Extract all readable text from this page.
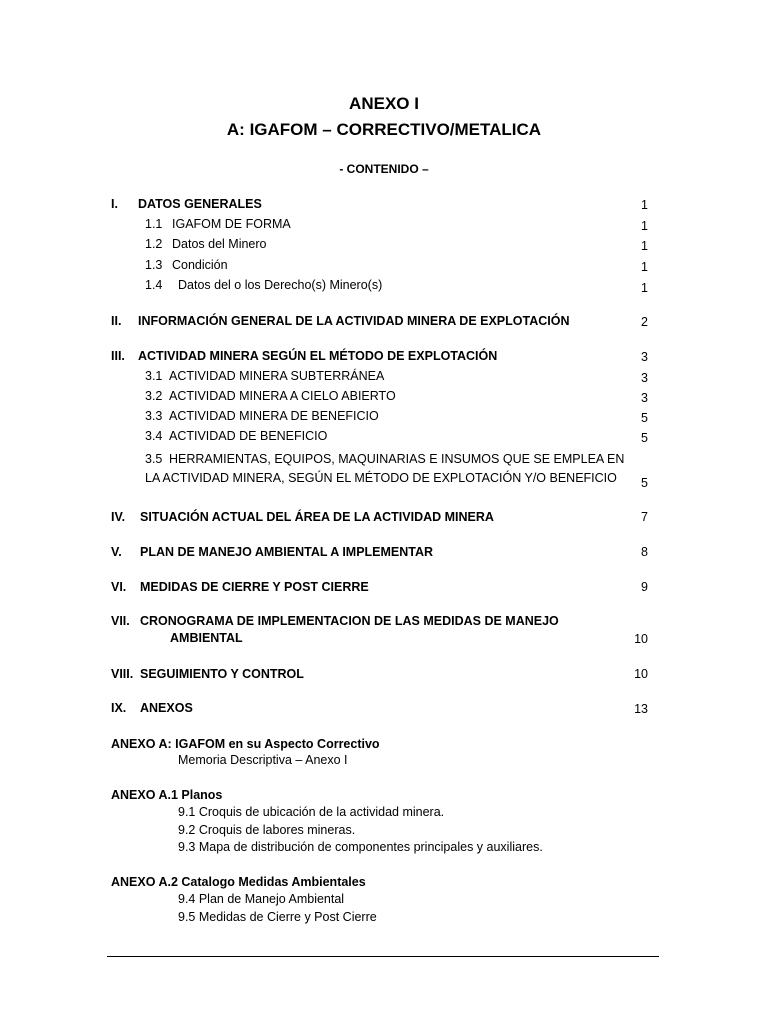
ANEXO I
A: IGAFOM – CORRECTIVO/METALICA
- CONTENIDO –
I. DATOS GENERALES	1
1.1 IGAFOM DE FORMA	1
1.2 Datos del Minero	1
1.3 Condición	1
1.4 Datos del o los Derecho(s) Minero(s)	1
II. INFORMACIÓN GENERAL DE LA ACTIVIDAD MINERA DE EXPLOTACIÓN	2
III. ACTIVIDAD MINERA SEGÚN EL MÉTODO DE EXPLOTACIÓN	3
3.1 ACTIVIDAD MINERA SUBTERRÁNEA	3
3.2 ACTIVIDAD MINERA A CIELO ABIERTO	3
3.3 ACTIVIDAD MINERA DE BENEFICIO	5
3.4 ACTIVIDAD DE BENEFICIO	5
3.5 HERRAMIENTAS, EQUIPOS, MAQUINARIAS E INSUMOS QUE SE EMPLEA EN
LA ACTIVIDAD MINERA, SEGÚN EL MÉTODO DE EXPLOTACIÓN Y/O BENEFICIO	5
IV. SITUACIÓN ACTUAL DEL ÁREA DE LA ACTIVIDAD MINERA	7
V. PLAN DE MANEJO AMBIENTAL A IMPLEMENTAR	8
VI. MEDIDAS DE CIERRE Y POST CIERRE	9
VII. CRONOGRAMA DE IMPLEMENTACION DE LAS MEDIDAS DE MANEJO
AMBIENTAL	10
VIII. SEGUIMIENTO Y CONTROL	10
IX. ANEXOS	13
ANEXO A: IGAFOM en su Aspecto Correctivo
Memoria Descriptiva – Anexo I
ANEXO A.1 Planos
9.1 Croquis de ubicación de la actividad minera.
9.2 Croquis de labores mineras.
9.3 Mapa de distribución de componentes principales y auxiliares.
ANEXO A.2 Catalogo Medidas Ambientales
9.4 Plan de Manejo Ambiental
9.5 Medidas de Cierre y Post Cierre
